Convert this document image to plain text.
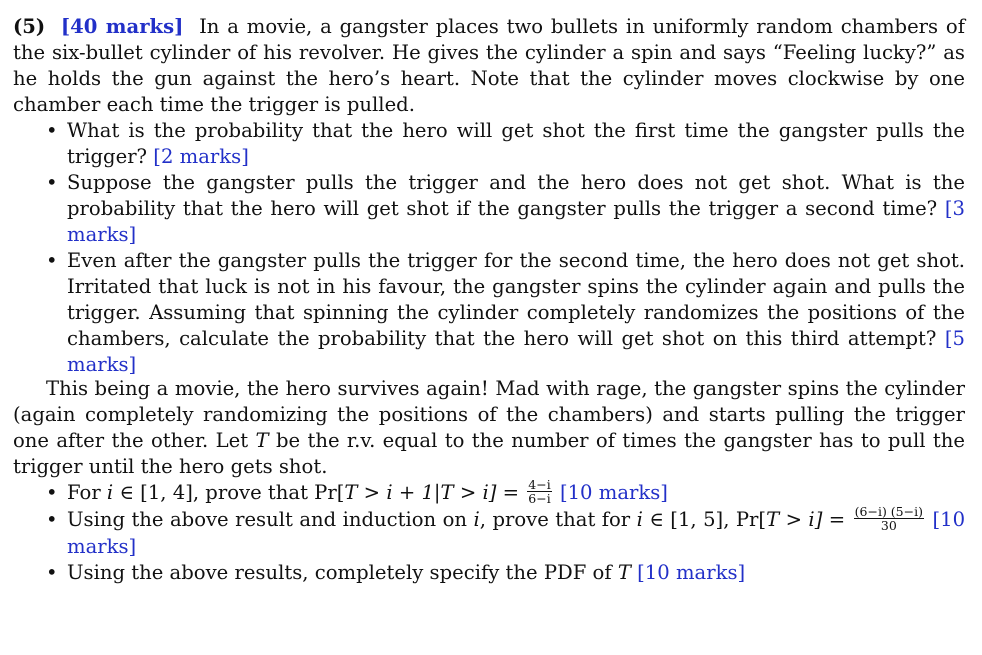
(5) [40 marks] In a movie, a gangster places two bullets in uniformly random chambers of the six-bullet cylinder of his revolver. He gives the cylinder a spin and says “Feeling lucky?” as he holds the gun against the hero’s heart. Note that the cylinder moves clockwise by one chamber each time the trigger is pulled.

• What is the probability that the hero will get shot the first time the gangster pulls the trigger? [2 marks]
• Suppose the gangster pulls the trigger and the hero does not get shot. What is the probability that the hero will get shot if the gangster pulls the trigger a second time? [3 marks]
• Even after the gangster pulls the trigger for the second time, the hero does not get shot. Irritated that luck is not in his favour, the gangster spins the cylinder again and pulls the trigger. Assuming that spinning the cylinder completely randomizes the positions of the chambers, calculate the probability that the hero will get shot on this third attempt? [5 marks]

This being a movie, the hero survives again! Mad with rage, the gangster spins the cylinder (again completely randomizing the positions of the chambers) and starts pulling the trigger one after the other. Let T be the r.v. equal to the number of times the gangster has to pull the trigger until the hero gets shot.

• For i ∈ [1, 4], prove that $Pr[T > i + 1|T > i] = \frac{4-i}{6-i} [10$ marks]
• Using the above result and induction on i, prove that for i ∈ [1, 5], $Pr[T > i] = \frac{(6-i) (5-i)}{30} [10$ marks]
• Using the above results, completely specify the PDF of T [10 marks]
